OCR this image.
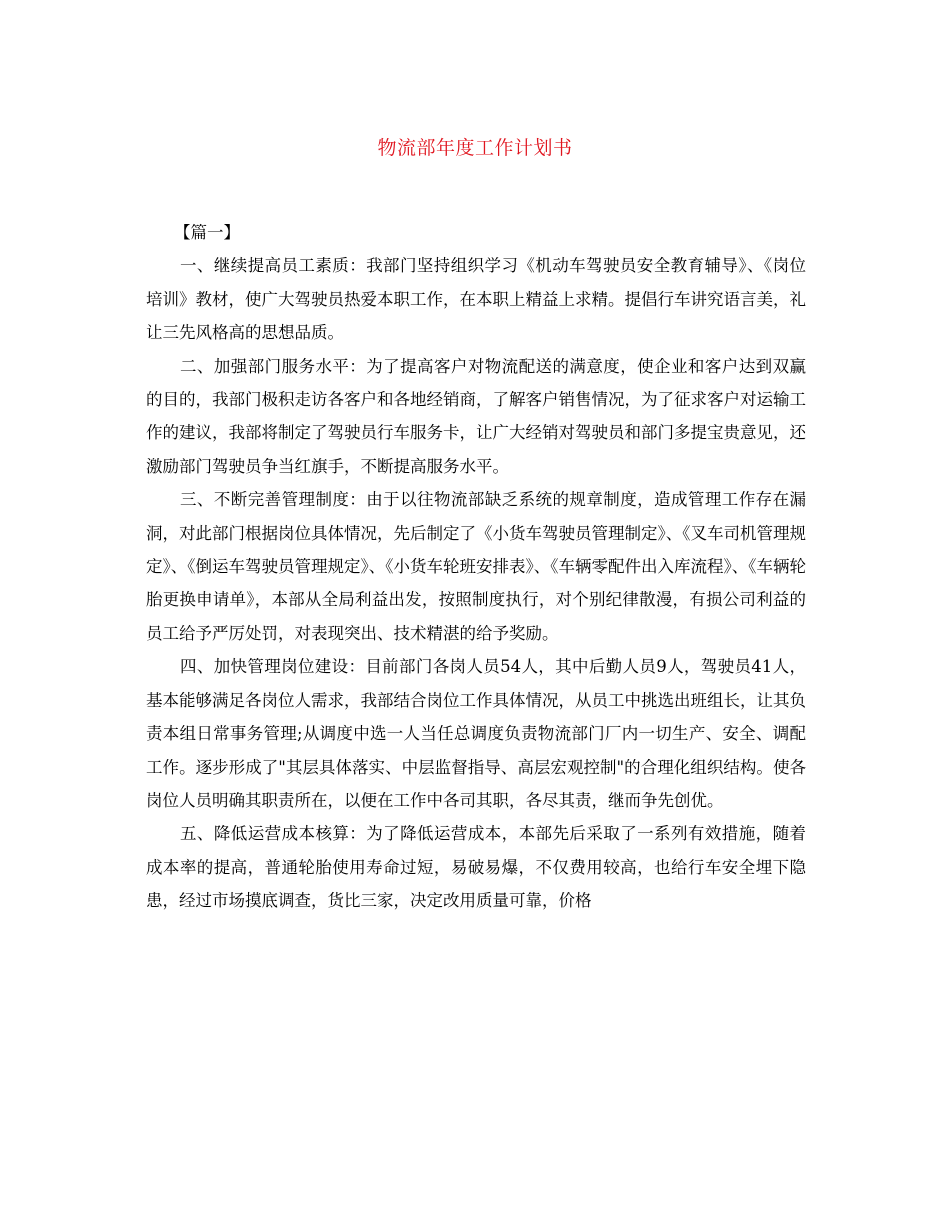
物流部年度工作计划书

【篇一】

一、继续提高员工素质：我部门坚持组织学习《机动车驾驶员安全教育辅导》、《岗位培训》教材，使广大驾驶员热爱本职工作，在本职上精益上求精。提倡行车讲究语言美，礼让三先风格高的思想品质。

二、加强部门服务水平：为了提高客户对物流配送的满意度，使企业和客户达到双赢的目的，我部门极积走访各客户和各地经销商，了解客户销售情况，为了征求客户对运输工作的建议，我部将制定了驾驶员行车服务卡，让广大经销对驾驶员和部门多提宝贵意见，还激励部门驾驶员争当红旗手，不断提高服务水平。

三、不断完善管理制度：由于以往物流部缺乏系统的规章制度，造成管理工作存在漏洞，对此部门根据岗位具体情况，先后制定了《小货车驾驶员管理制定》、《叉车司机管理规定》、《倒运车驾驶员管理规定》、《小货车轮班安排表》、《车辆零配件出入库流程》、《车辆轮胎更换申请单》，本部从全局利益出发，按照制度执行，对个别纪律散漫，有损公司利益的员工给予严厉处罚，对表现突出、技术精湛的给予奖励。

四、加快管理岗位建设：目前部门各岗人员54人，其中后勤人员9人，驾驶员41人，基本能够满足各岗位人需求，我部结合岗位工作具体情况，从员工中挑选出班组长，让其负责本组日常事务管理;从调度中选一人当任总调度负责物流部门厂内一切生产、安全、调配工作。逐步形成了"其层具体落实、中层监督指导、高层宏观控制"的合理化组织结构。使各岗位人员明确其职责所在，以便在工作中各司其职，各尽其责，继而争先创优。

五、降低运营成本核算：为了降低运营成本，本部先后采取了一系列有效措施，随着成本率的提高，普通轮胎使用寿命过短，易破易爆，不仅费用较高，也给行车安全埋下隐患，经过市场摸底调查，货比三家，决定改用质量可靠，价格
